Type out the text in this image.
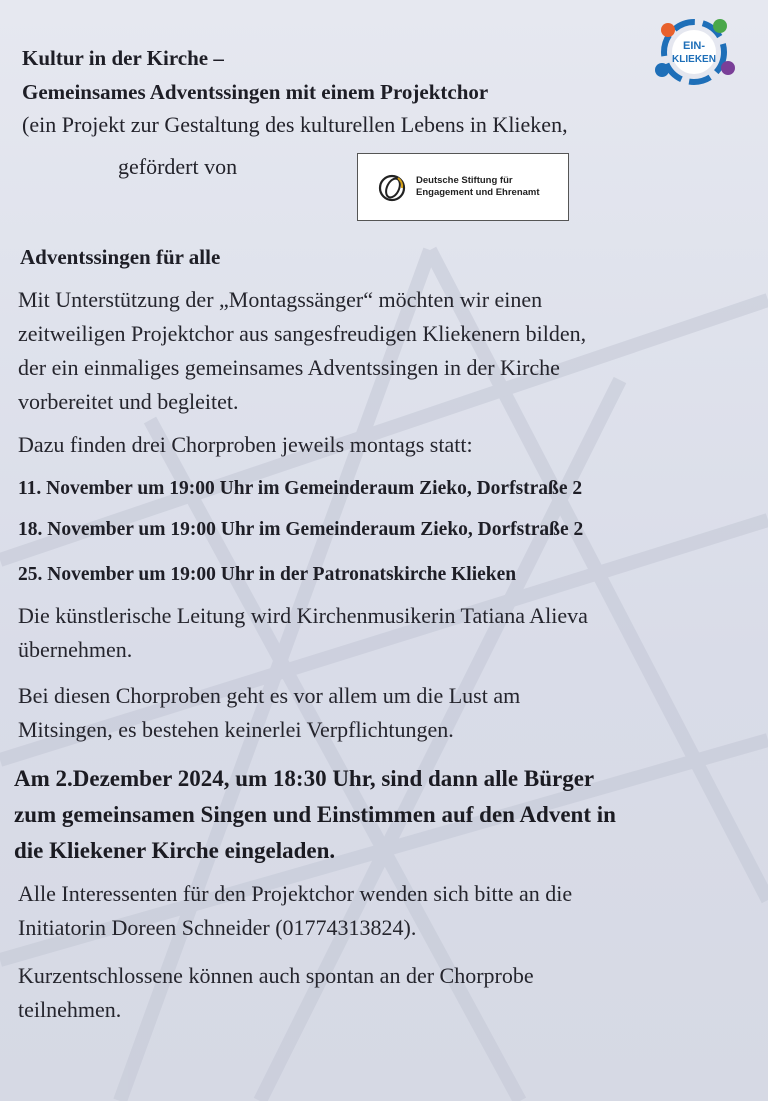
EIN-
KLIEKEN
Kultur in der Kirche –
Gemeinsames Adventssingen mit einem Projektchor
(ein Projekt zur Gestaltung des kulturellen Lebens in Klieken,
gefördert von
Deutsche Stiftung für
Engagement und Ehrenamt
Adventssingen für alle
Mit Unterstützung der „Montagssänger“ möchten wir einen
zeitweiligen Projektchor aus sangesfreudigen Kliekenern bilden,
der ein einmaliges gemeinsames Adventssingen in der Kirche
vorbereitet und begleitet.
Dazu finden drei Chorproben jeweils montags statt:
11. November um 19:00 Uhr im Gemeinderaum Zieko, Dorfstraße 2
18. November um 19:00 Uhr im Gemeinderaum Zieko, Dorfstraße 2
25. November um 19:00 Uhr in der Patronatskirche Klieken
Die künstlerische Leitung wird Kirchenmusikerin Tatiana Alieva
übernehmen.
Bei diesen Chorproben geht es vor allem um die Lust am
Mitsingen, es bestehen keinerlei Verpflichtungen.
Am 2.Dezember 2024, um 18:30 Uhr, sind dann alle Bürger
zum gemeinsamen Singen und Einstimmen auf den Advent in
die Kliekener Kirche eingeladen.
Alle Interessenten für den Projektchor wenden sich bitte an die
Initiatorin Doreen Schneider (01774313824).
Kurzentschlossene können auch spontan an der Chorprobe
teilnehmen.
